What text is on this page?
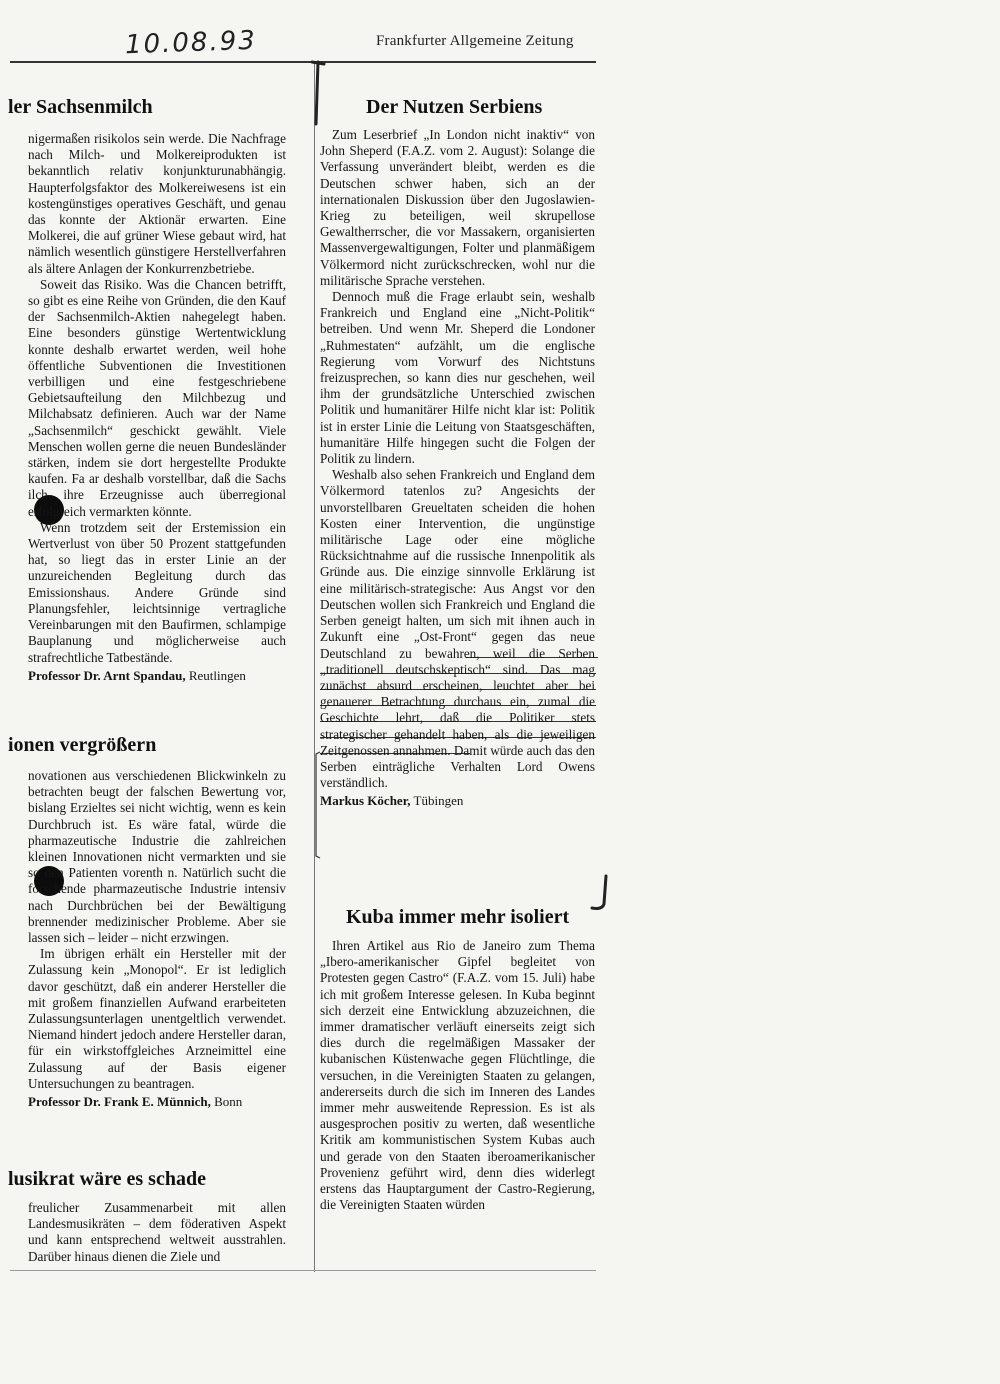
10.08.93	Frankfurter Allgemeine Zeitung
ler Sachsenmilch

nigermaßen risikolos sein werde. Die Nachfrage nach Milch- und Molkereiprodukten ist bekanntlich relativ konjunkturunabhängig. Haupterfolgsfaktor des Molkereiwesens ist ein kostengünstiges operatives Geschäft, und genau das konnte der Aktionär erwarten. Eine Molkerei, die auf grüner Wiese gebaut wird, hat nämlich wesentlich günstigere Herstellverfahren als ältere Anlagen der Konkurrenzbetriebe.

Soweit das Risiko. Was die Chancen betrifft, so gibt es eine Reihe von Gründen, die den Kauf der Sachsenmilch-Aktien nahegelegt haben. Eine besonders günstige Wertentwicklung konnte deshalb erwartet werden, weil hohe öffentliche Subventionen die Investitionen verbilligen und eine festgeschriebene Gebietsaufteilung den Milchbezug und Milchabsatz definieren. Auch war der Name „Sachsenmilch“ geschickt gewählt. Viele Menschen wollen gerne die neuen Bundesländer stärken, indem sie dort hergestellte Produkte kaufen. Fa ar deshalb vorstellbar, daß die Sachs ilch ihre Erzeugnisse auch überregional erfolgreich vermarkten könnte.

Wenn trotzdem seit der Erstemission ein Wertverlust von über 50 Prozent stattgefunden hat, so liegt das in erster Linie an der unzureichenden Begleitung durch das Emissionshaus. Andere Gründe sind Planungsfehler, leichtsinnige vertragliche Vereinbarungen mit den Baufirmen, schlampige Bauplanung und möglicherweise auch strafrechtliche Tatbestände.

Professor Dr. Arnt Spandau, Reutlingen

ionen vergrößern

novationen aus verschiedenen Blickwinkeln zu betrachten beugt der falschen Bewertung vor, bislang Erzieltes sei nicht wichtig, wenn es kein Durchbruch ist. Es wäre fatal, würde die pharmazeutische Industrie die zahlreichen kleinen Innovationen nicht vermarkten und sie so den Patienten vorenth n. Natürlich sucht die forschende pharmazeutische Industrie intensiv nach Durchbrüchen bei der Bewältigung brennender medizinischer Probleme. Aber sie lassen sich – leider – nicht erzwingen.

Im übrigen erhält ein Hersteller mit der Zulassung kein „Monopol“. Er ist lediglich davor geschützt, daß ein anderer Hersteller die mit großem finanziellen Aufwand erarbeiteten Zulassungsunterlagen unentgeltlich verwendet. Niemand hindert jedoch andere Hersteller daran, für ein wirkstoffgleiches Arzneimittel eine Zulassung auf der Basis eigener Untersuchungen zu beantragen.

Professor Dr. Frank E. Münnich, Bonn

lusikrat wäre es schade

freulicher Zusammenarbeit mit allen Landesmusikräten – dem föderativen Aspekt und kann entsprechend weltweit ausstrahlen. Darüber hinaus dienen die Ziele und

Der Nutzen Serbiens

Zum Leserbrief „In London nicht inaktiv“ von John Sheperd (F.A.Z. vom 2. August): Solange die Verfassung unverändert bleibt, werden es die Deutschen schwer haben, sich an der internationalen Diskussion über den Jugoslawien-Krieg zu beteiligen, weil skrupellose Gewaltherrscher, die vor Massakern, organisierten Massenvergewaltigungen, Folter und planmäßigem Völkermord nicht zurückschrecken, wohl nur die militärische Sprache verstehen.

Dennoch muß die Frage erlaubt sein, weshalb Frankreich und England eine „Nicht-Politik“ betreiben. Und wenn Mr. Sheperd die Londoner „Ruhmestaten“ aufzählt, um die englische Regierung vom Vorwurf des Nichtstuns freizusprechen, so kann dies nur geschehen, weil ihm der grundsätzliche Unterschied zwischen Politik und humanitärer Hilfe nicht klar ist: Politik ist in erster Linie die Leitung von Staatsgeschäften, humanitäre Hilfe hingegen sucht die Folgen der Politik zu lindern.

Weshalb also sehen Frankreich und England dem Völkermord tatenlos zu? Angesichts der unvorstellbaren Greueltaten scheiden die hohen Kosten einer Intervention, die ungünstige militärische Lage oder eine mögliche Rücksichtnahme auf die russische Innenpolitik als Gründe aus. Die einzige sinnvolle Erklärung ist eine militärisch-strategische: Aus Angst vor den Deutschen wollen sich Frankreich und England die Serben geneigt halten, um sich mit ihnen auch in Zukunft eine „Ost-Front“ gegen das neue Deutschland zu bewahren, weil die Serben „traditionell deutschskeptisch“ sind. Das mag zunächst absurd erscheinen, leuchtet aber bei genauerer Betrachtung durchaus ein, zumal die Geschichte lehrt, daß die Politiker stets strategischer gehandelt haben, als die jeweiligen Zeitgenossen annahmen. Damit würde auch das den Serben einträgliche Verhalten Lord Owens verständlich.

Markus Köcher, Tübingen

Kuba immer mehr isoliert

Ihren Artikel aus Rio de Janeiro zum Thema „Ibero-amerikanischer Gipfel begleitet von Protesten gegen Castro“ (F.A.Z. vom 15. Juli) habe ich mit großem Interesse gelesen. In Kuba beginnt sich derzeit eine Entwicklung abzuzeichnen, die immer dramatischer verläuft einerseits zeigt sich dies durch die regelmäßigen Massaker der kubanischen Küstenwache gegen Flüchtlinge, die versuchen, in die Vereinigten Staaten zu gelangen, andererseits durch die sich im Inneren des Landes immer mehr ausweitende Repression. Es ist als ausgesprochen positiv zu werten, daß wesentliche Kritik am kommunistischen System Kubas auch und gerade von den Staaten iberoamerikanischer Provenienz geführt wird, denn dies widerlegt erstens das Hauptargument der Castro-Regierung, die Vereinigten Staaten würden
